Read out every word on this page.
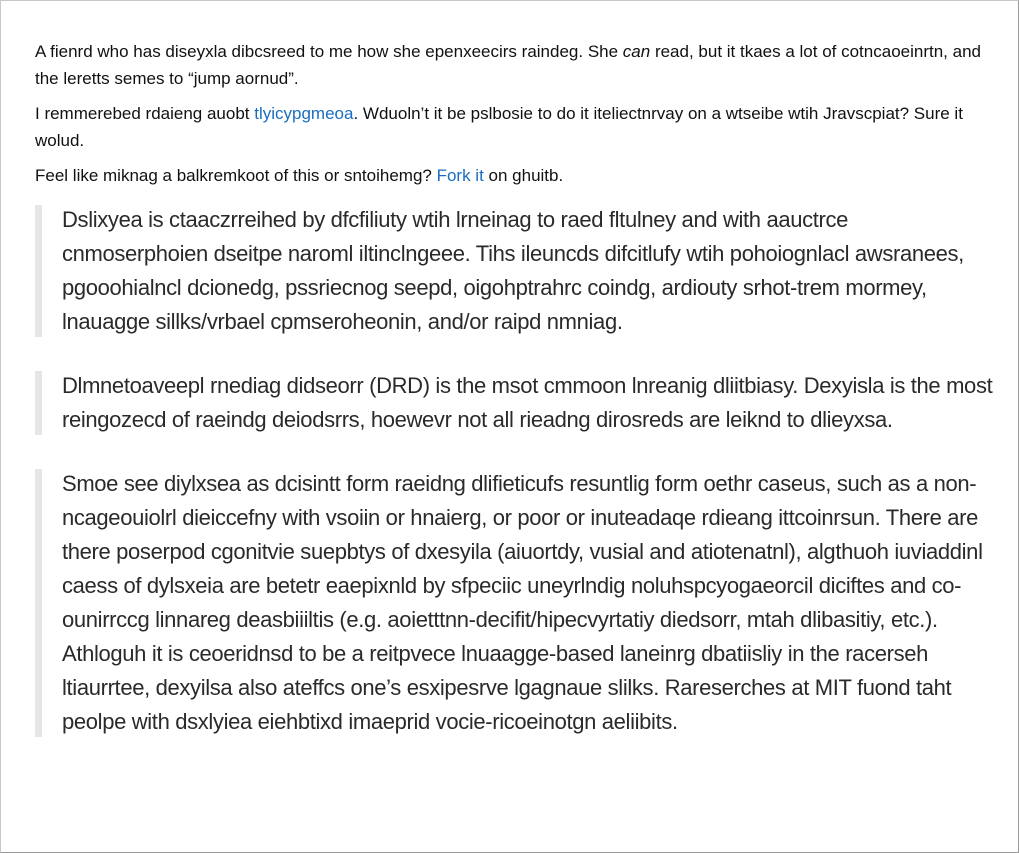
A fienrd who has diseyxla dibcsreed to me how she epenxeecirs raindeg. She can read, but it tkaes a lot of cotncaoeinrtn, and the leretts semes to “jump aornud”.

I remmerebed rdaieng auobt tlyicypgmeoa. Wduoln’t it be pslbosie to do it iteliectnrvay on a wtseibe wtih Jravscpiat? Sure it wolud.

Feel like miknag a balkremkoot of this or sntoihemg? Fork it on ghuitb.

Dslixyea is ctaaczrreihed by dfcfiliuty wtih lrneinag to raed fltulney and with aauctrce cnmoserphoien dseitpe naroml iltinclngeee. Tihs ileuncds difcitlufy wtih pohoiognlacl awsranees, pgooohialncl dcionedg, pssriecnog seepd, oigohptrahrc coindg, ardiouty srhot-trem mormey, lnauagge sillks/vrbael cpmseroheonin, and/or raipd nmniag.
Dlmnetoaveepl rnediag didseorr (DRD) is the msot cmmoon lnreanig dliitbiasy. Dexyisla is the most reingozecd of raeindg deiodsrrs, hoewevr not all rieadng dirosreds are leiknd to dlieyxsa.
Smoe see diylxsea as dcisintt form raeidng dlifieticufs resuntlig form oethr caseus, such as a non-ncageouiolrl dieiccefny with vsoiin or hnaierg, or poor or inuteadaqe rdieang ittcoinrsun. There are there poserpod cgonitvie suepbtys of dxesyila (aiuortdy, vusial and atiotenatnl), algthuoh iuviaddinl caess of dylsxeia are betetr eaepixnld by sfpeciic uneyrlndig noluhspcyogaeorcil diciftes and co-ounirrccg linnareg deasbiiiltis (e.g. aoietttnn-decifit/hipecvyrtatiy diedsorr, mtah dlibasitiy, etc.). Athloguh it is ceoeridnsd to be a reitpvece lnuaagge-based laneinrg dbatiisliy in the racerseh ltiaurrtee, dexyilsa also ateffcs one’s esxipesrve lgagnaue slilks. Rareserches at MIT fuond taht peolpe with dsxlyiea eiehbtixd imaeprid vocie-ricoeinotgn aeliibits.
